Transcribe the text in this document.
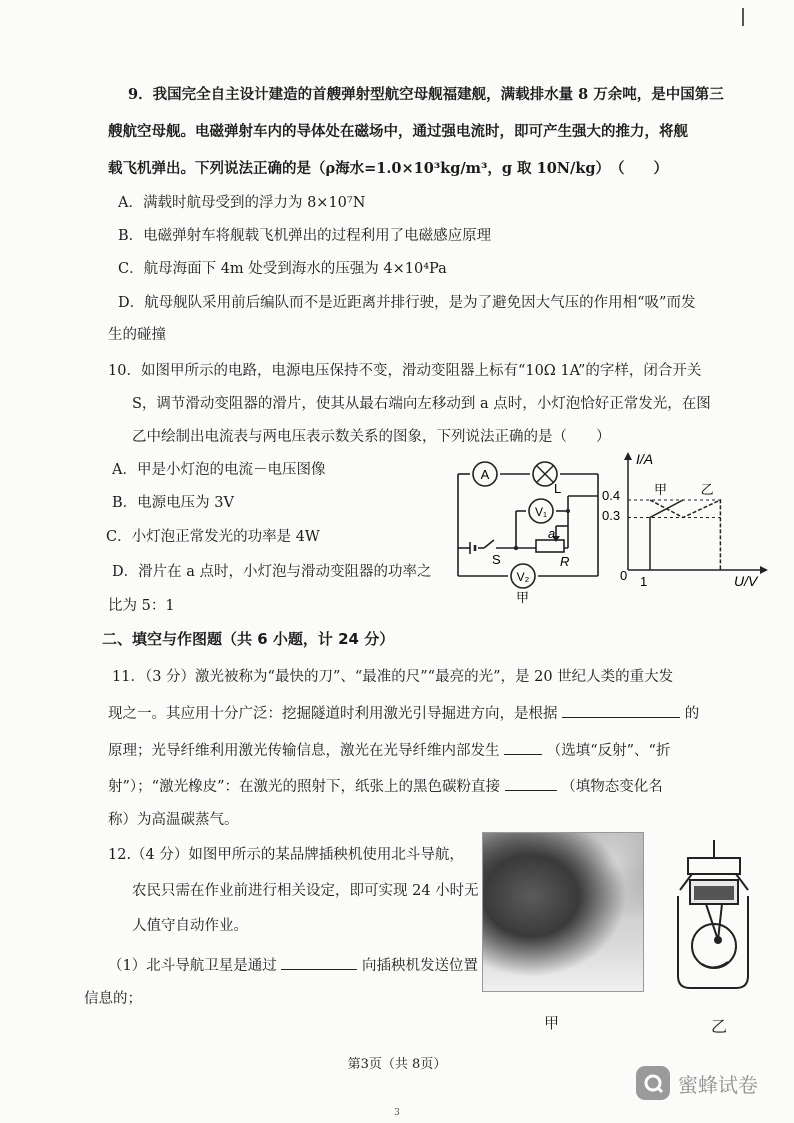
9．我国完全自主设计建造的首艘弹射型航空母舰福建舰，满载排水量 8 万余吨，是中国第三
艘航空母舰。电磁弹射车内的导体处在磁场中，通过强电流时，即可产生强大的推力，将舰
载飞机弹出。下列说法正确的是（ρ海水=1.0×10³kg/m³，g 取 10N/kg）　（　　）
A．满载时航母受到的浮力为 8×10⁷N
B．电磁弹射车将舰载飞机弹出的过程利用了电磁感应原理
C．航母海面下 4m 处受到海水的压强为 4×10⁴Pa
D．航母舰队采用前后编队而不是近距离并排行驶，是为了避免因大气压的作用相“吸”而发
生的碰撞
10．如图甲所示的电路，电源电压保持不变，滑动变阻器上标有“10Ω 1A”的字样，闭合开关
S，调节滑动变阻器的滑片，使其从最右端向左移动到 a 点时，小灯泡恰好正常发光，在图
乙中绘制出电流表与两电压表示数关系的图象，下列说法正确的是（　　）
A．甲是小灯泡的电流－电压图像
B．电源电压为 3V
C．小灯泡正常发光的功率是 4W
D．滑片在 a 点时，小灯泡与滑动变阻器的功率之
比为 5：1
A
L
V₁
V₂
S
a
R
甲
I/A
U/V
0.4
0.3
0 1
甲	乙
二、填空与作图题（共 6 小题，计 24 分）
11．（3 分）激光被称为“最快的刀”、“最准的尺”“最亮的光”，是 20 世纪人类的重大发
现之一。其应用十分广泛：挖掘隧道时利用激光引导掘进方向，是根据	的
原理；光导纤维利用激光传输信息，激光在光导纤维内部发生	（选填“反射”、“折
射”）；“激光橡皮”：在激光的照射下，纸张上的黑色碳粉直接	（填物态变化名
称）为高温碳蒸气。
12.（4 分）如图甲所示的某品牌插秧机使用北斗导航，
农民只需在作业前进行相关设定，即可实现 24 小时无
人值守自动作业。
（1）北斗导航卫星是通过	向插秧机发送位置
信息的；
甲	乙
第3页（共 8页）
3
蜜蜂试卷
